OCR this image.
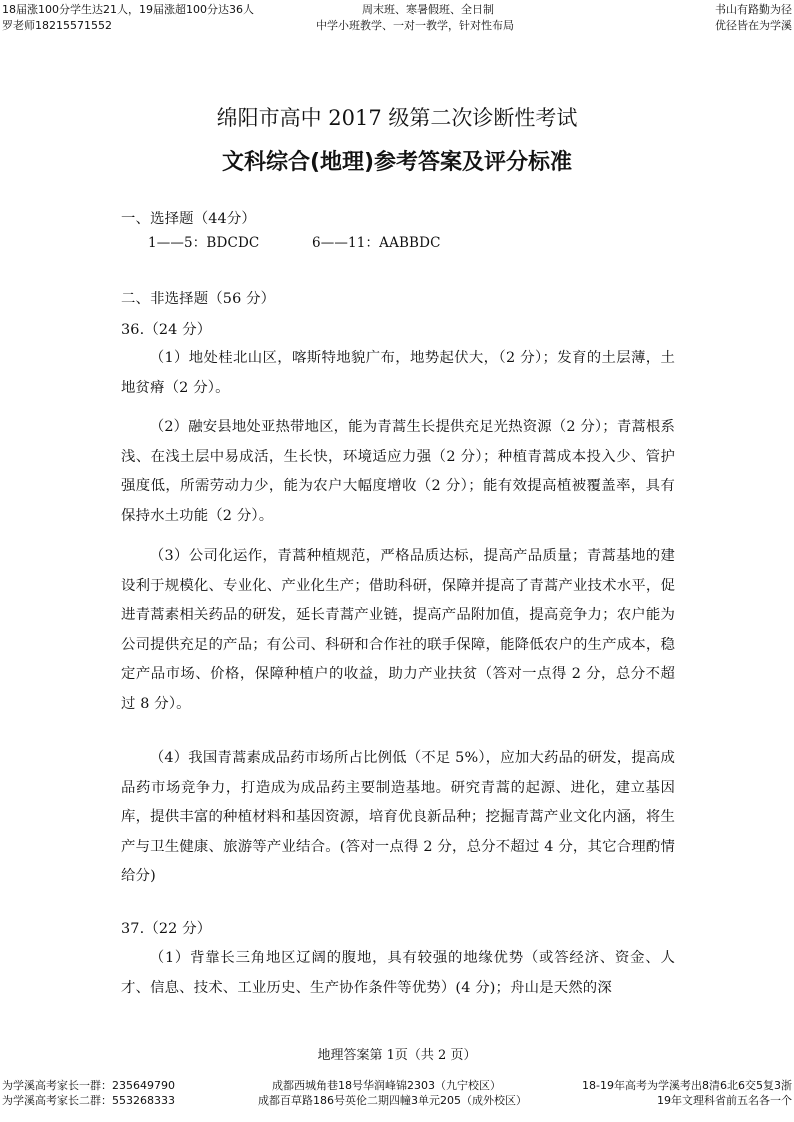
18届涨100分学生达21人，19届涨超100分达36人
罗老师18215571552
周末班、寒暑假班、全日制
中学小班教学、一对一教学，针对性布局
书山有路勤为径
优径皆在为学溪
绵阳市高中 2017 级第二次诊断性考试
文科综合(地理)参考答案及评分标准
一、选择题（44分）
1——5：BDCDC	6——11：AABBDC
二、非选择题（56 分）
36.（24 分）

（1）地处桂北山区，喀斯特地貌广布，地势起伏大，（2 分）；发育的土层薄，土地贫瘠（2 分）。

（2）融安县地处亚热带地区，能为青蒿生长提供充足光热资源（2 分）；青蒿根系浅、在浅土层中易成活，生长快，环境适应力强（2 分）；种植青蒿成本投入少、管护强度低，所需劳动力少，能为农户大幅度增收（2 分）；能有效提高植被覆盖率，具有保持水土功能（2 分）。

（3）公司化运作，青蒿种植规范，严格品质达标，提高产品质量；青蒿基地的建设利于规模化、专业化、产业化生产；借助科研，保障并提高了青蒿产业技术水平，促进青蒿素相关药品的研发，延长青蒿产业链，提高产品附加值，提高竞争力；农户能为公司提供充足的产品；有公司、科研和合作社的联手保障，能降低农户的生产成本，稳定产品市场、价格，保障种植户的收益，助力产业扶贫（答对一点得 2 分，总分不超过 8 分）。

（4）我国青蒿素成品药市场所占比例低（不足 5%），应加大药品的研发，提高成品药市场竞争力，打造成为成品药主要制造基地。研究青蒿的起源、进化，建立基因库，提供丰富的种植材料和基因资源，培育优良新品种；挖掘青蒿产业文化内涵，将生产与卫生健康、旅游等产业结合。(答对一点得 2 分，总分不超过 4 分，其它合理酌情给分)

37.（22 分）

（1）背靠长三角地区辽阔的腹地，具有较强的地缘优势（或答经济、资金、人才、信息、技术、工业历史、生产协作条件等优势）(4 分)；舟山是天然的深

地理答案第 1页（共 2 页）
为学溪高考家长一群：235649790
为学溪高考家长二群：553268333
成都西城角巷18号华润峰锦2303（九宁校区）
成都百草路186号英伦二期四幢3单元205（成外校区）
18-19年高考为学溪考出8清6北6交5复3浙
19年文理科省前五名各一个
